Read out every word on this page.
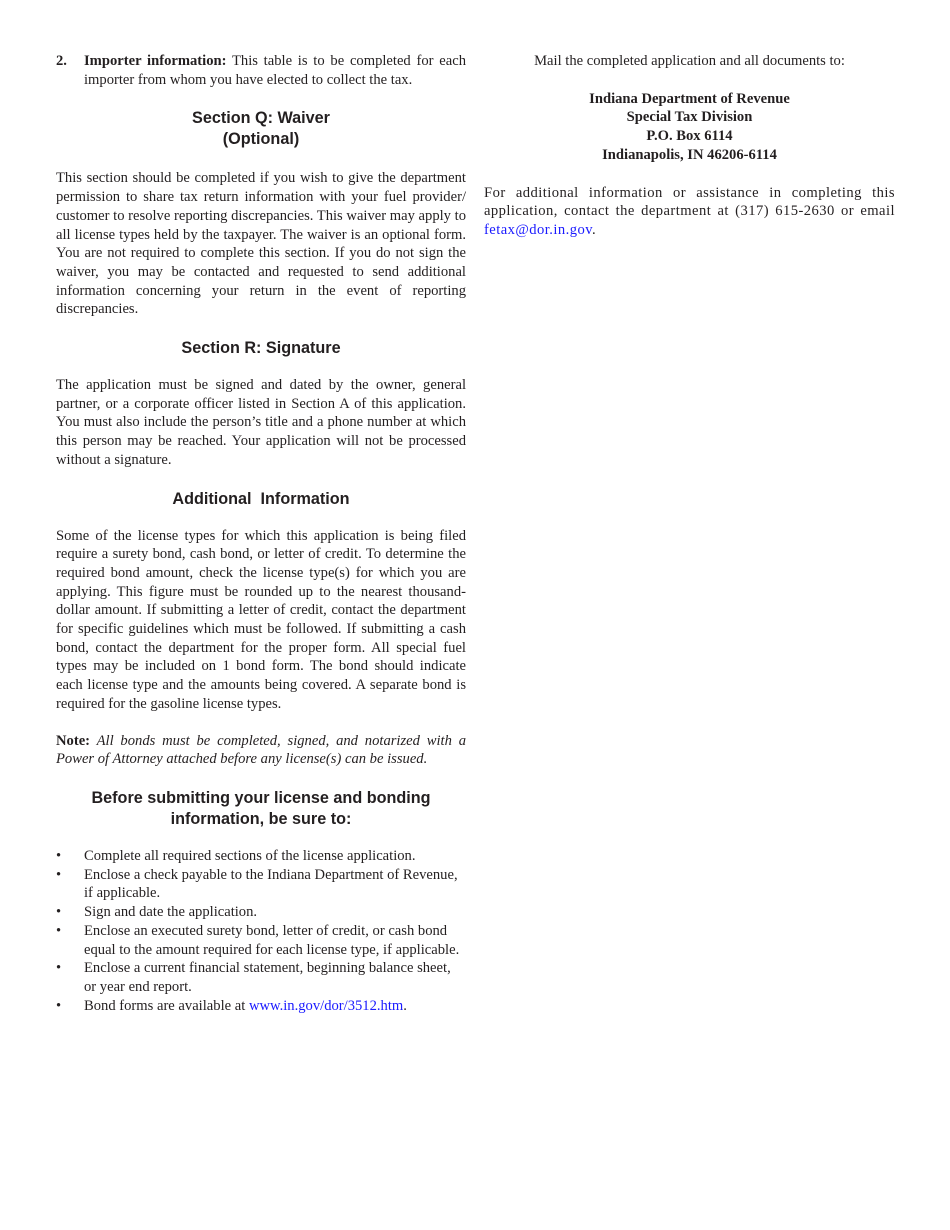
2.	Importer information: This table is to be completed for each importer from whom you have elected to collect the tax.
Section Q: Waiver
(Optional)

This section should be completed if you wish to give the department permission to share tax return information with your fuel provider/ customer to resolve reporting discrepancies. This waiver may apply to all license types held by the taxpayer. The waiver is an optional form. You are not required to complete this section. If you do not sign the waiver, you may be contacted and requested to send additional information concerning your return in the event of reporting discrepancies.

Section R: Signature

The application must be signed and dated by the owner, general partner, or a corporate officer listed in Section A of this application. You must also include the person’s title and a phone number at which this person may be reached. Your application will not be processed without a signature.

Additional  Information

Some of the license types for which this application is being filed require a surety bond, cash bond, or letter of credit. To determine the required bond amount, check the license type(s) for which you are applying. This figure must be rounded up to the nearest thousand-dollar amount. If submitting a letter of credit, contact the department for specific guidelines which must be followed. If submitting a cash bond, contact the department for the proper form. All special fuel types may be included on 1 bond form. The bond should indicate each license type and the amounts being covered. A separate bond is required for the gasoline license types.

Note: All bonds must be completed, signed, and notarized with a Power of Attorney attached before any license(s) can be issued.

Before submitting your license and bonding
information, be sure to:
•	Complete all required sections of the license application.
•	Enclose a check payable to the Indiana Department of Revenue, if applicable.
•	Sign and date the application.
•	Enclose an executed surety bond, letter of credit, or cash bond equal to the amount required for each license type, if applicable.
•	Enclose a current financial statement, beginning balance sheet, or year end report.
•	Bond forms are available at www.in.gov/dor/3512.htm.

Mail the completed application and all documents to:

Indiana Department of Revenue
Special Tax Division
P.O. Box 6114
Indianapolis, IN 46206-6114

For additional information or assistance in completing this application, contact the department at (317) 615-2630 or email fetax@dor.in.gov.
